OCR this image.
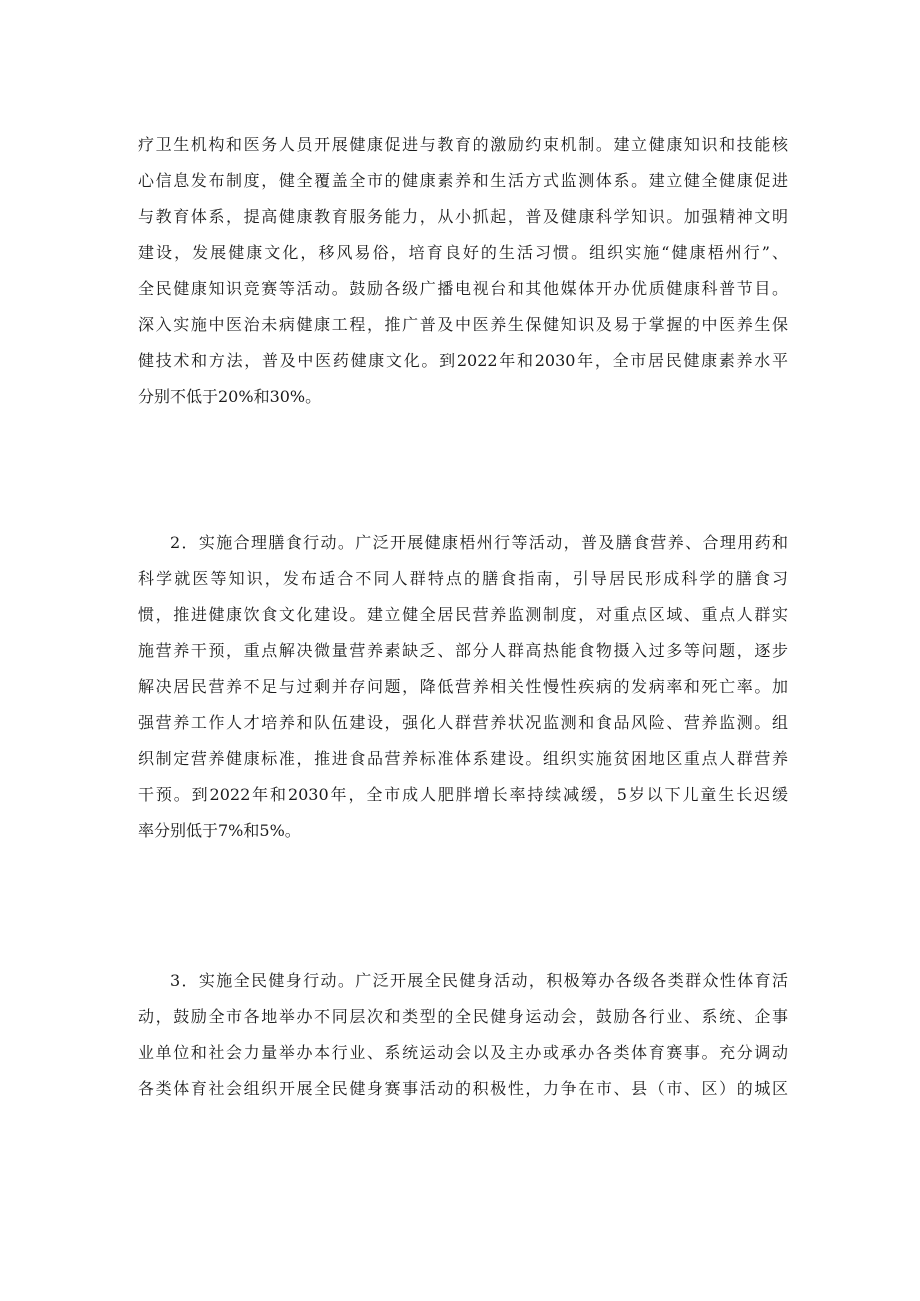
疗卫生机构和医务人员开展健康促进与教育的激励约束机制。建立健康知识和技能核
心信息发布制度，健全覆盖全市的健康素养和生活方式监测体系。建立健全健康促进
与教育体系，提高健康教育服务能力，从小抓起，普及健康科学知识。加强精神文明
建设，发展健康文化，移风易俗，培育良好的生活习惯。组织实施“健康梧州行”、
全民健康知识竞赛等活动。鼓励各级广播电视台和其他媒体开办优质健康科普节目。
深入实施中医治未病健康工程，推广普及中医养生保健知识及易于掌握的中医养生保
健技术和方法，普及中医药健康文化。到2022年和2030年，全市居民健康素养水平
分别不低于20%和30%。
2．实施合理膳食行动。广泛开展健康梧州行等活动，普及膳食营养、合理用药和
科学就医等知识，发布适合不同人群特点的膳食指南，引导居民形成科学的膳食习
惯，推进健康饮食文化建设。建立健全居民营养监测制度，对重点区域、重点人群实
施营养干预，重点解决微量营养素缺乏、部分人群高热能食物摄入过多等问题，逐步
解决居民营养不足与过剩并存问题，降低营养相关性慢性疾病的发病率和死亡率。加
强营养工作人才培养和队伍建设，强化人群营养状况监测和食品风险、营养监测。组
织制定营养健康标准，推进食品营养标准体系建设。组织实施贫困地区重点人群营养
干预。到2022年和2030年，全市成人肥胖增长率持续减缓，5岁以下儿童生长迟缓
率分别低于7%和5%。
3．实施全民健身行动。广泛开展全民健身活动，积极筹办各级各类群众性体育活
动，鼓励全市各地举办不同层次和类型的全民健身运动会，鼓励各行业、系统、企事
业单位和社会力量举办本行业、系统运动会以及主办或承办各类体育赛事。充分调动
各类体育社会组织开展全民健身赛事活动的积极性，力争在市、县（市、区）的城区
